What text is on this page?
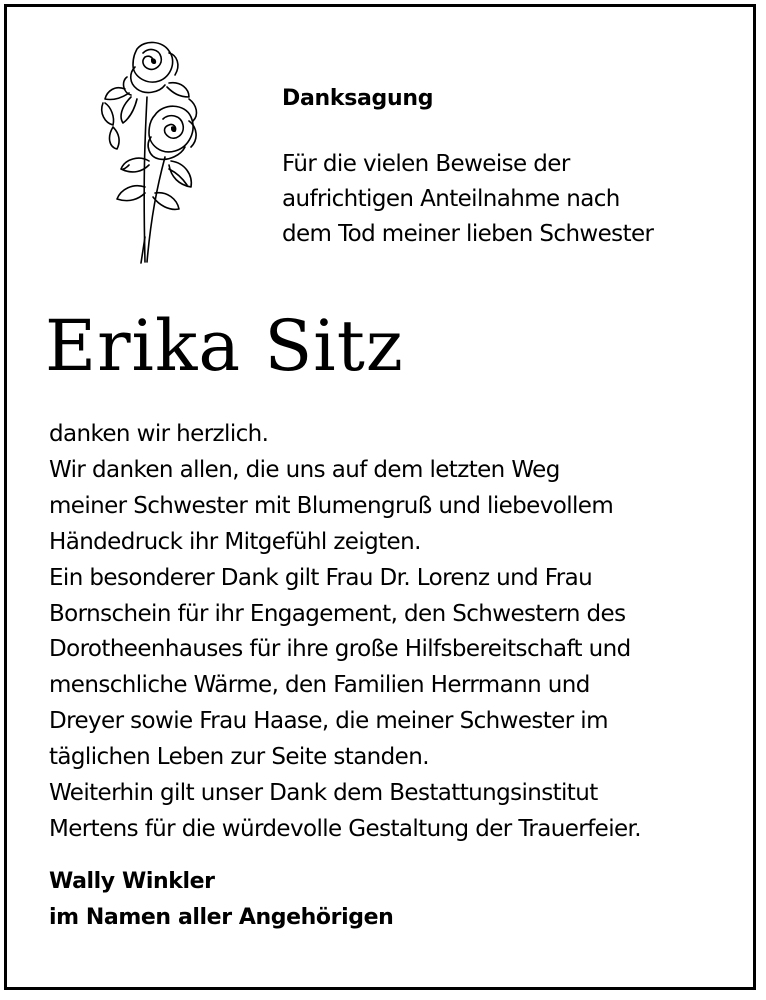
Danksagung
Für die vielen Beweise der
aufrichtigen Anteilnahme nach
dem Tod meiner lieben Schwester
Erika Sitz
danken wir herzlich.
Wir danken allen, die uns auf dem letzten Weg
meiner Schwester mit Blumengruß und liebevollem
Händedruck ihr Mitgefühl zeigten.
Ein besonderer Dank gilt Frau Dr. Lorenz und Frau
Bornschein für ihr Engagement, den Schwestern des
Dorotheenhauses für ihre große Hilfsbereitschaft und
menschliche Wärme, den Familien Herrmann und
Dreyer sowie Frau Haase, die meiner Schwester im
täglichen Leben zur Seite standen.
Weiterhin gilt unser Dank dem Bestattungsinstitut
Mertens für die würdevolle Gestaltung der Trauerfeier.
Wally Winkler
im Namen aller Angehörigen
